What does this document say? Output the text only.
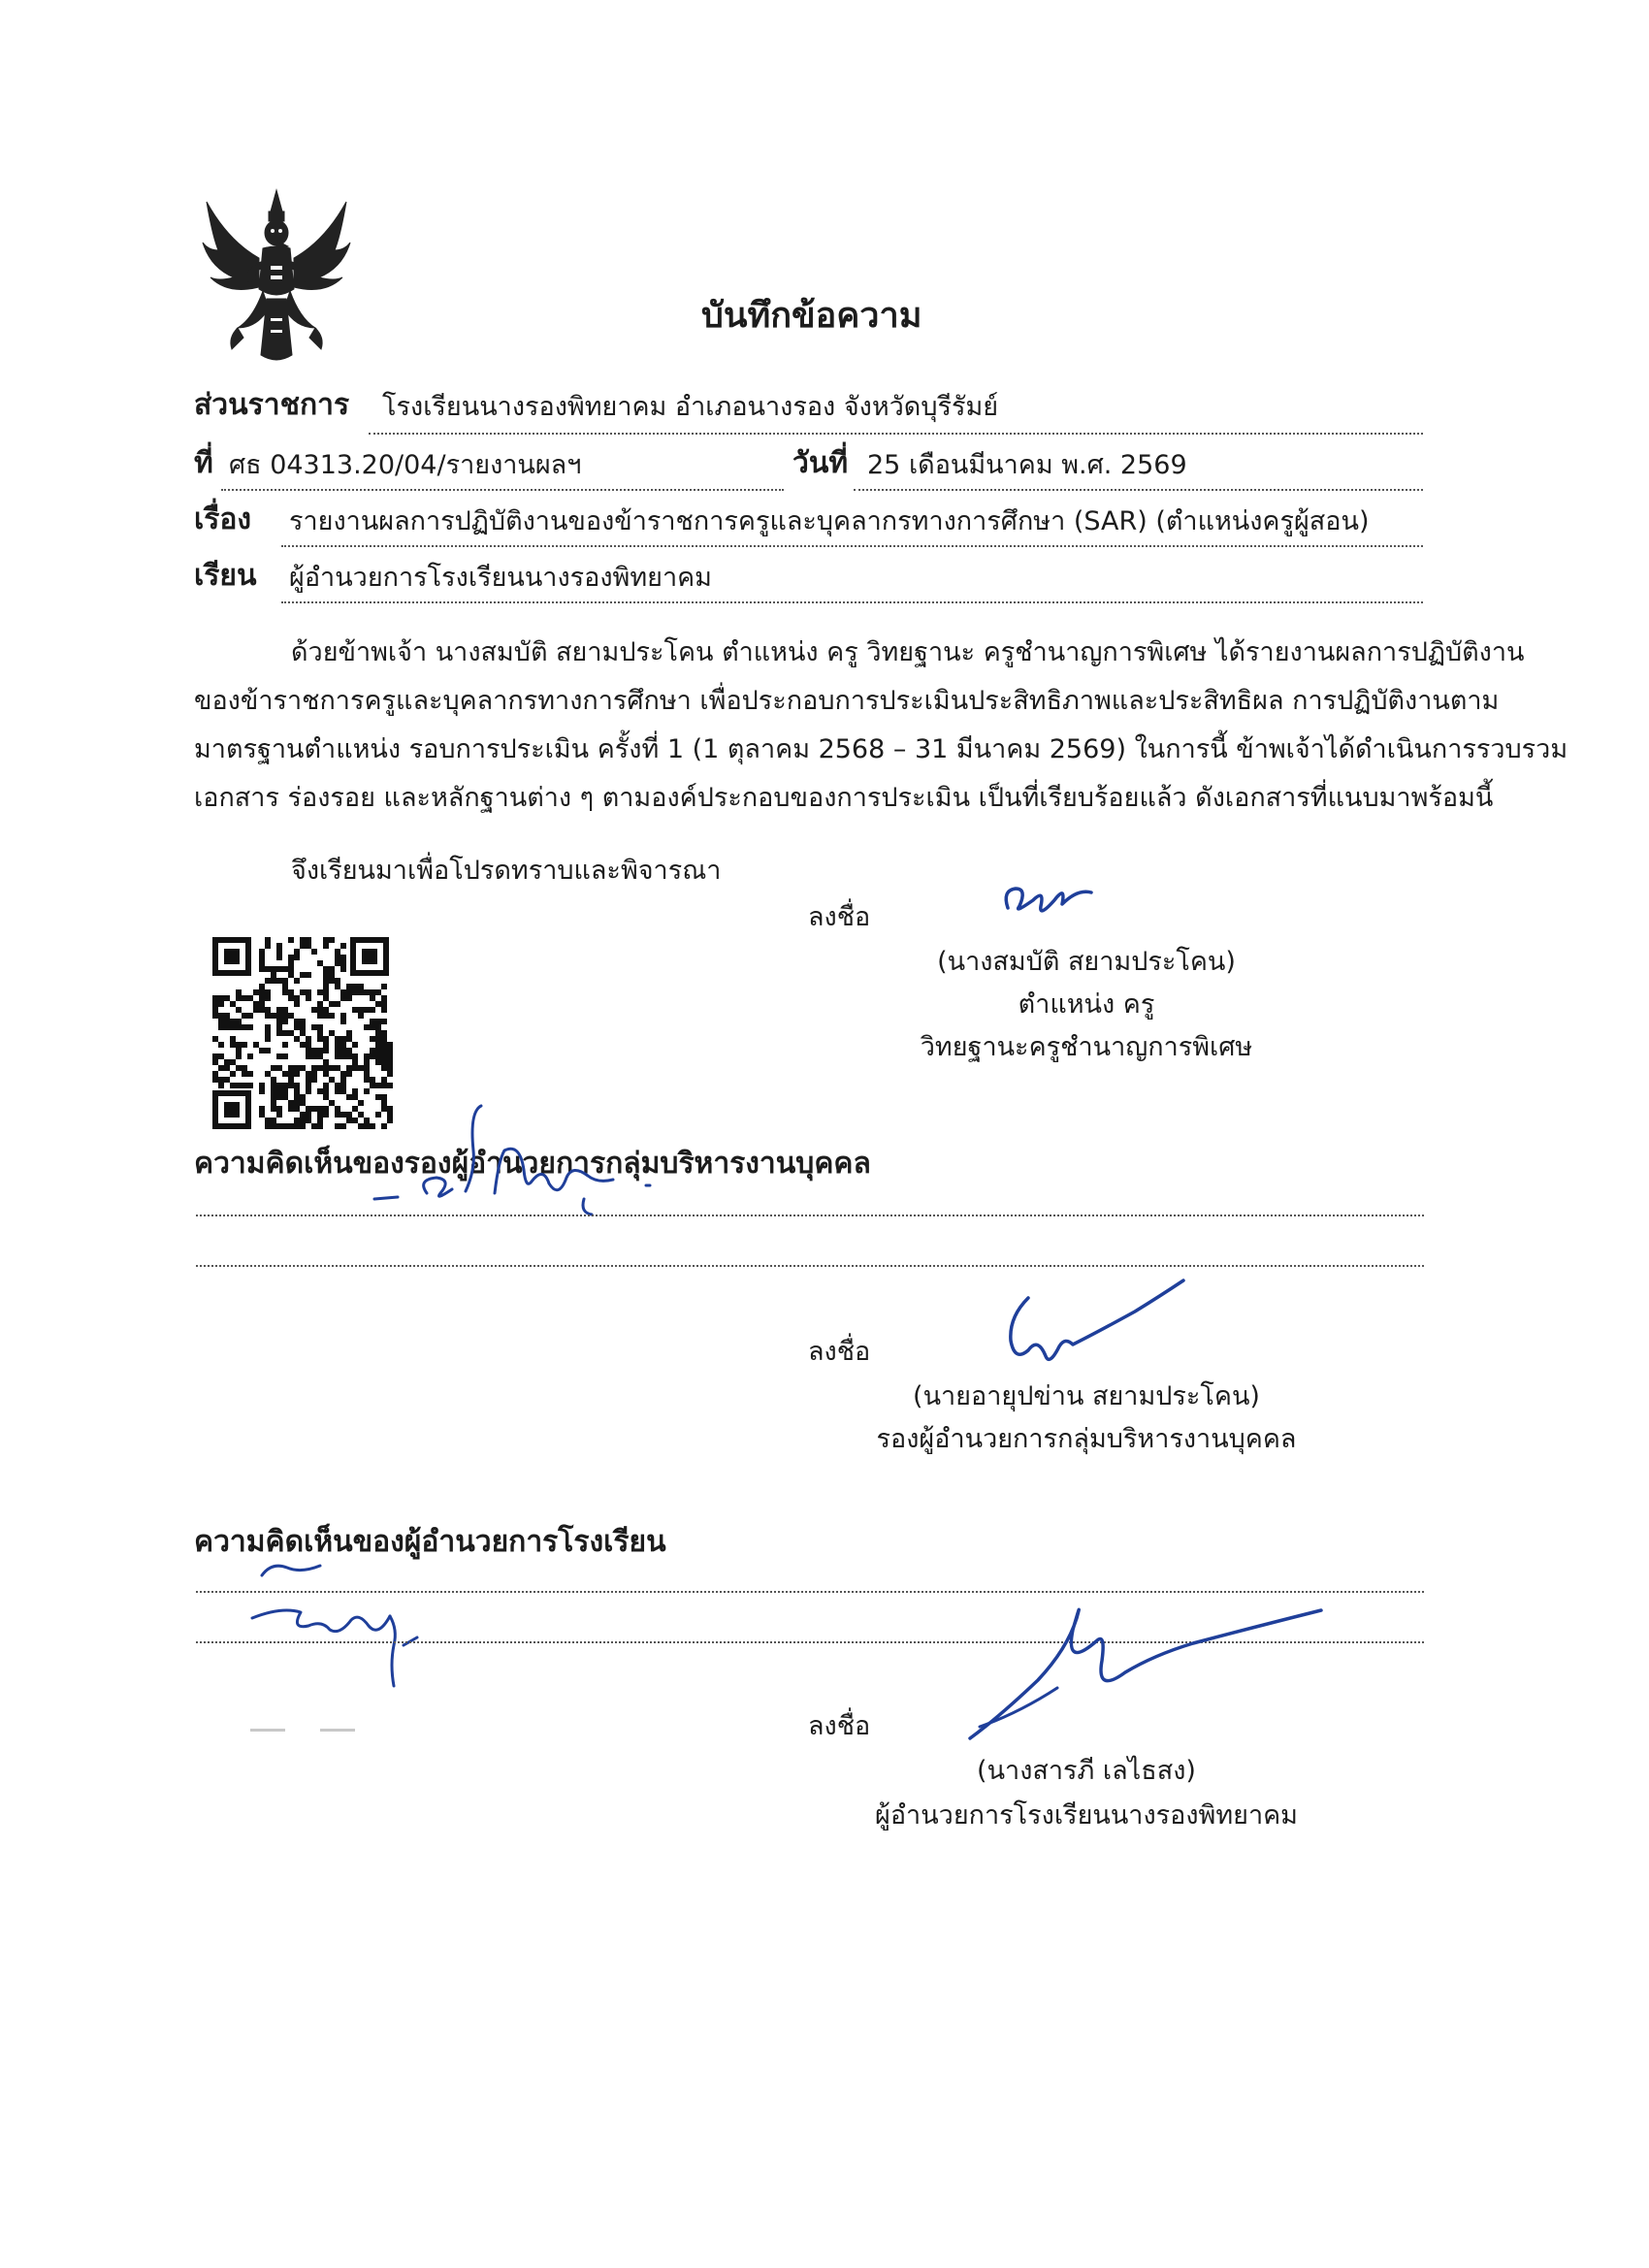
บันทึกข้อความ
ส่วนราชการ โรงเรียนนางรองพิทยาคม อำเภอนางรอง จังหวัดบุรีรัมย์
ที่ ศธ 04313.20/04/รายงานผลฯ	วันที่ 25 เดือนมีนาคม พ.ศ. 2569
เรื่อง รายงานผลการปฏิบัติงานของข้าราชการครูและบุคลากรทางการศึกษา (SAR) (ตำแหน่งครูผู้สอน)
เรียน ผู้อำนวยการโรงเรียนนางรองพิทยาคม
ด้วยข้าพเจ้า นางสมบัติ สยามประโคน ตำแหน่ง ครู วิทยฐานะ ครูชำนาญการพิเศษ ได้รายงานผลการปฏิบัติงาน
ของข้าราชการครูและบุคลากรทางการศึกษา เพื่อประกอบการประเมินประสิทธิภาพและประสิทธิผล การปฏิบัติงานตาม
มาตรฐานตำแหน่ง รอบการประเมิน ครั้งที่ 1 (1 ตุลาคม 2568 – 31 มีนาคม 2569) ในการนี้ ข้าพเจ้าได้ดำเนินการรวบรวม
เอกสาร ร่องรอย และหลักฐานต่าง ๆ ตามองค์ประกอบของการประเมิน เป็นที่เรียบร้อยแล้ว ดังเอกสารที่แนบมาพร้อมนี้
จึงเรียนมาเพื่อโปรดทราบและพิจารณา
ลงชื่อ
(นางสมบัติ สยามประโคน)
ตำแหน่ง ครู
วิทยฐานะครูชำนาญการพิเศษ
ความคิดเห็นของรองผู้อำนวยการกลุ่มบริหารงานบุคคล
ลงชื่อ
(นายอายุปข่าน สยามประโคน)
รองผู้อำนวยการกลุ่มบริหารงานบุคคล
ความคิดเห็นของผู้อำนวยการโรงเรียน
ลงชื่อ
(นางสารภี เลไธสง)
ผู้อำนวยการโรงเรียนนางรองพิทยาคม
